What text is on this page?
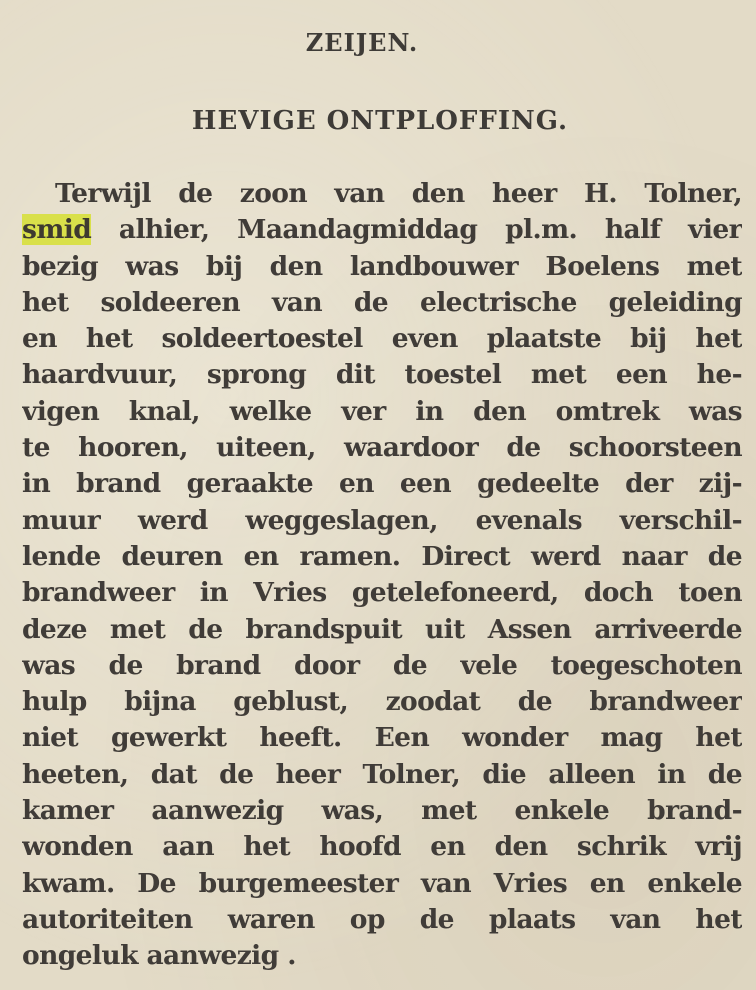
ZEIJEN.
HEVIGE ONTPLOFFING.
Terwijl de zoon van den heer H. Tolner,
smid alhier, Maandagmiddag pl.m. half vier
bezig was bij den landbouwer Boelens met
het soldeeren van de electrische geleiding
en het soldeertoestel even plaatste bij het
haardvuur, sprong dit toestel met een he-
vigen knal, welke ver in den omtrek was
te hooren, uiteen, waardoor de schoorsteen
in brand geraakte en een gedeelte der zij-
muur werd weggeslagen, evenals verschil-
lende deuren en ramen. Direct werd naar de
brandweer in Vries getelefoneerd, doch toen
deze met de brandspuit uit Assen arriveerde
was de brand door de vele toegeschoten
hulp bijna geblust, zoodat de brandweer
niet gewerkt heeft. Een wonder mag het
heeten, dat de heer Tolner, die alleen in de
kamer aanwezig was, met enkele brand-
wonden aan het hoofd en den schrik vrij
kwam. De burgemeester van Vries en enkele
autoriteiten waren op de plaats van het
ongeluk aanwezig .
